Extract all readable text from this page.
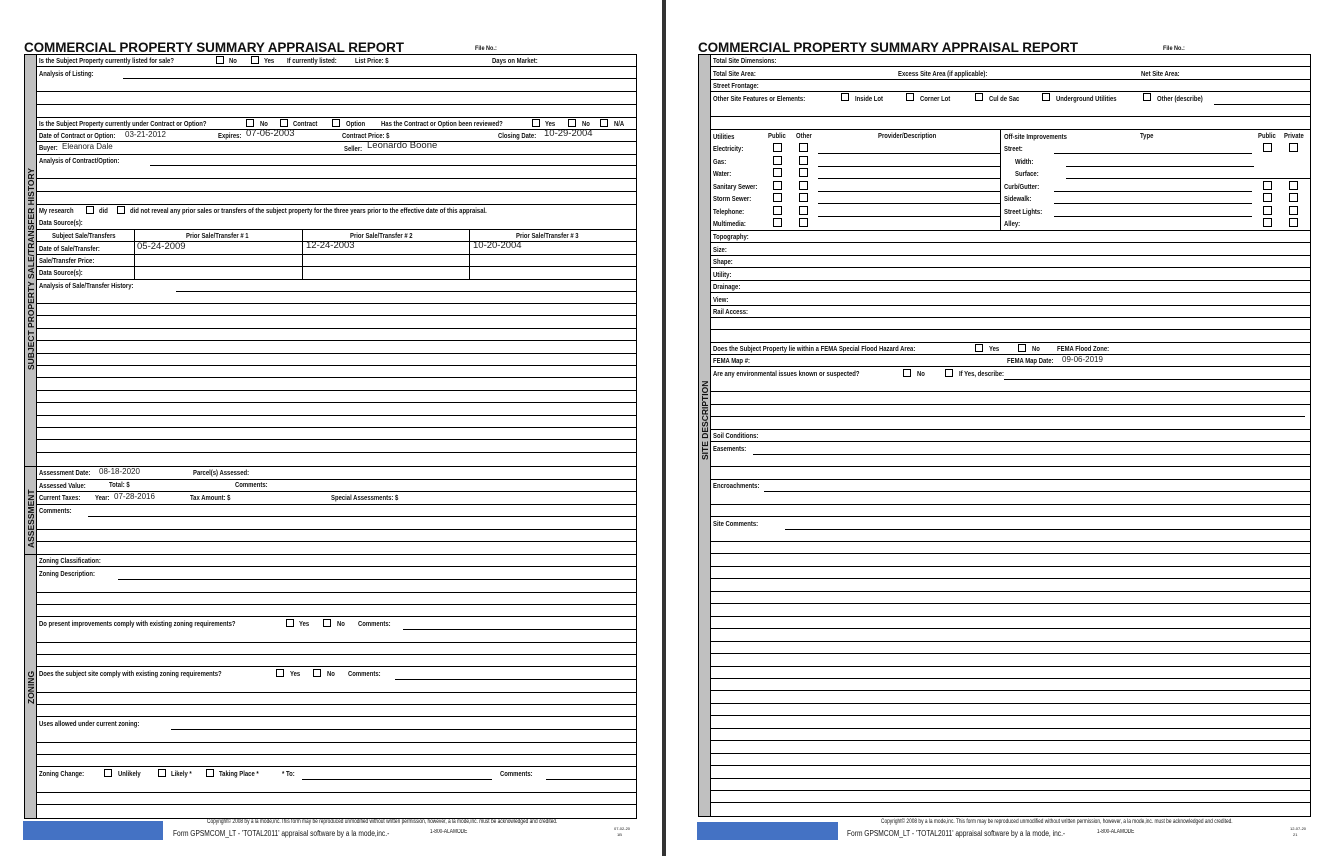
COMMERCIAL PROPERTY SUMMARY APPRAISAL REPORT	File No.:
SUBJECT PROPERTY SALE/TRANSFER HISTORY
ASSESSMENT
ZONING
Is the Subject Property currently listed for sale?	No	Yes If currently listed: List Price: $	Days on Market:
Analysis of Listing:
Is the Subject Property currently under Contract or Option?	No	Contract	Option Has the Contract or Option been reviewed?	Yes	No	N/A
Date of Contract or Option: 03-21-2012	Expires: 07-06-2003	Contract Price: $	Closing Date: 10-29-2004
Buyer: Eleanora Dale	Seller: Leonardo Boone
Analysis of Contract/Option:
My research	did	did not reveal any prior sales or transfers of the subject property for the three years prior to the effective date of this appraisal.
Data Source(s):
Subject Sale/Transfers	Prior Sale/Transfer # 1	Prior Sale/Transfer # 2	Prior Sale/Transfer # 3
Date of Sale/Transfer:	05-24-2009	12-24-2003	10-20-2004
Sale/Transfer Price:
Data Source(s):
Analysis of Sale/Transfer History:
Assessment Date: 08-18-2020	Parcel(s) Assessed:
Assessed Value:	Total: $	Comments:
Current Taxes: Year: 07-28-2016	Tax Amount: $	Special Assessments: $
Comments:
Zoning Classification:
Zoning Description:
Do present improvements comply with existing zoning requirements?	Yes	No Comments:
Does the subject site comply with existing zoning requirements?	Yes	No Comments:
Uses allowed under current zoning:
Zoning Change:	Unlikely	Likely *	Taking Place *	* To:	Comments:
Copyright© 2008 by a la mode,inc.This form may be reproduced unmodified without written permission, however, a la mode,inc. must be acknowledged and credited.
Form GPSMCOM_LT - 'TOTAL2011' appraisal software by a la mode,inc.-	1-800-ALAMODE
07-02-20
1B
COMMERCIAL PROPERTY SUMMARY APPRAISAL REPORT	File No.:
SITE DESCRIPTION
Total Site Dimensions:
Total Site Area:	Excess Site Area (if applicable):	Net Site Area:
Street Frontage:
Other Site Features or Elements:	Inside Lot	Corner Lot	Cul de Sac	Underground Utilities	Other (describe)
Utilities	Public Other	Provider/Description
Electricity:
Gas:
Water:
Sanitary Sewer:
Storm Sewer:
Telephone:
Multimedia:
Off-site Improvements	Type	Public Private
Street:
Width:
Surface:
Curb/Gutter:
Sidewalk:
Street Lights:
Alley:
Topography:
Size:
Shape:
Utility:
Drainage:
View:
Rail Access:
Does the Subject Property lie within a FEMA Special Flood Hazard Area:	Yes	No FEMA Flood Zone:
FEMA Map #:	FEMA Map Date: 09-06-2019
Are any environmental issues known or suspected?	No	If Yes, describe:
Soil Conditions:
Easements:
Encroachments:
Site Comments:
Copyright© 2008 by a la mode,inc. This form may be reproduced unmodified without written permission, however, a la mode,inc. must be acknowledged and credited.
Form GPSMCOM_LT - 'TOTAL2011' appraisal software by a la mode, inc.-	1-800-ALAMODE
12-07-20
21
